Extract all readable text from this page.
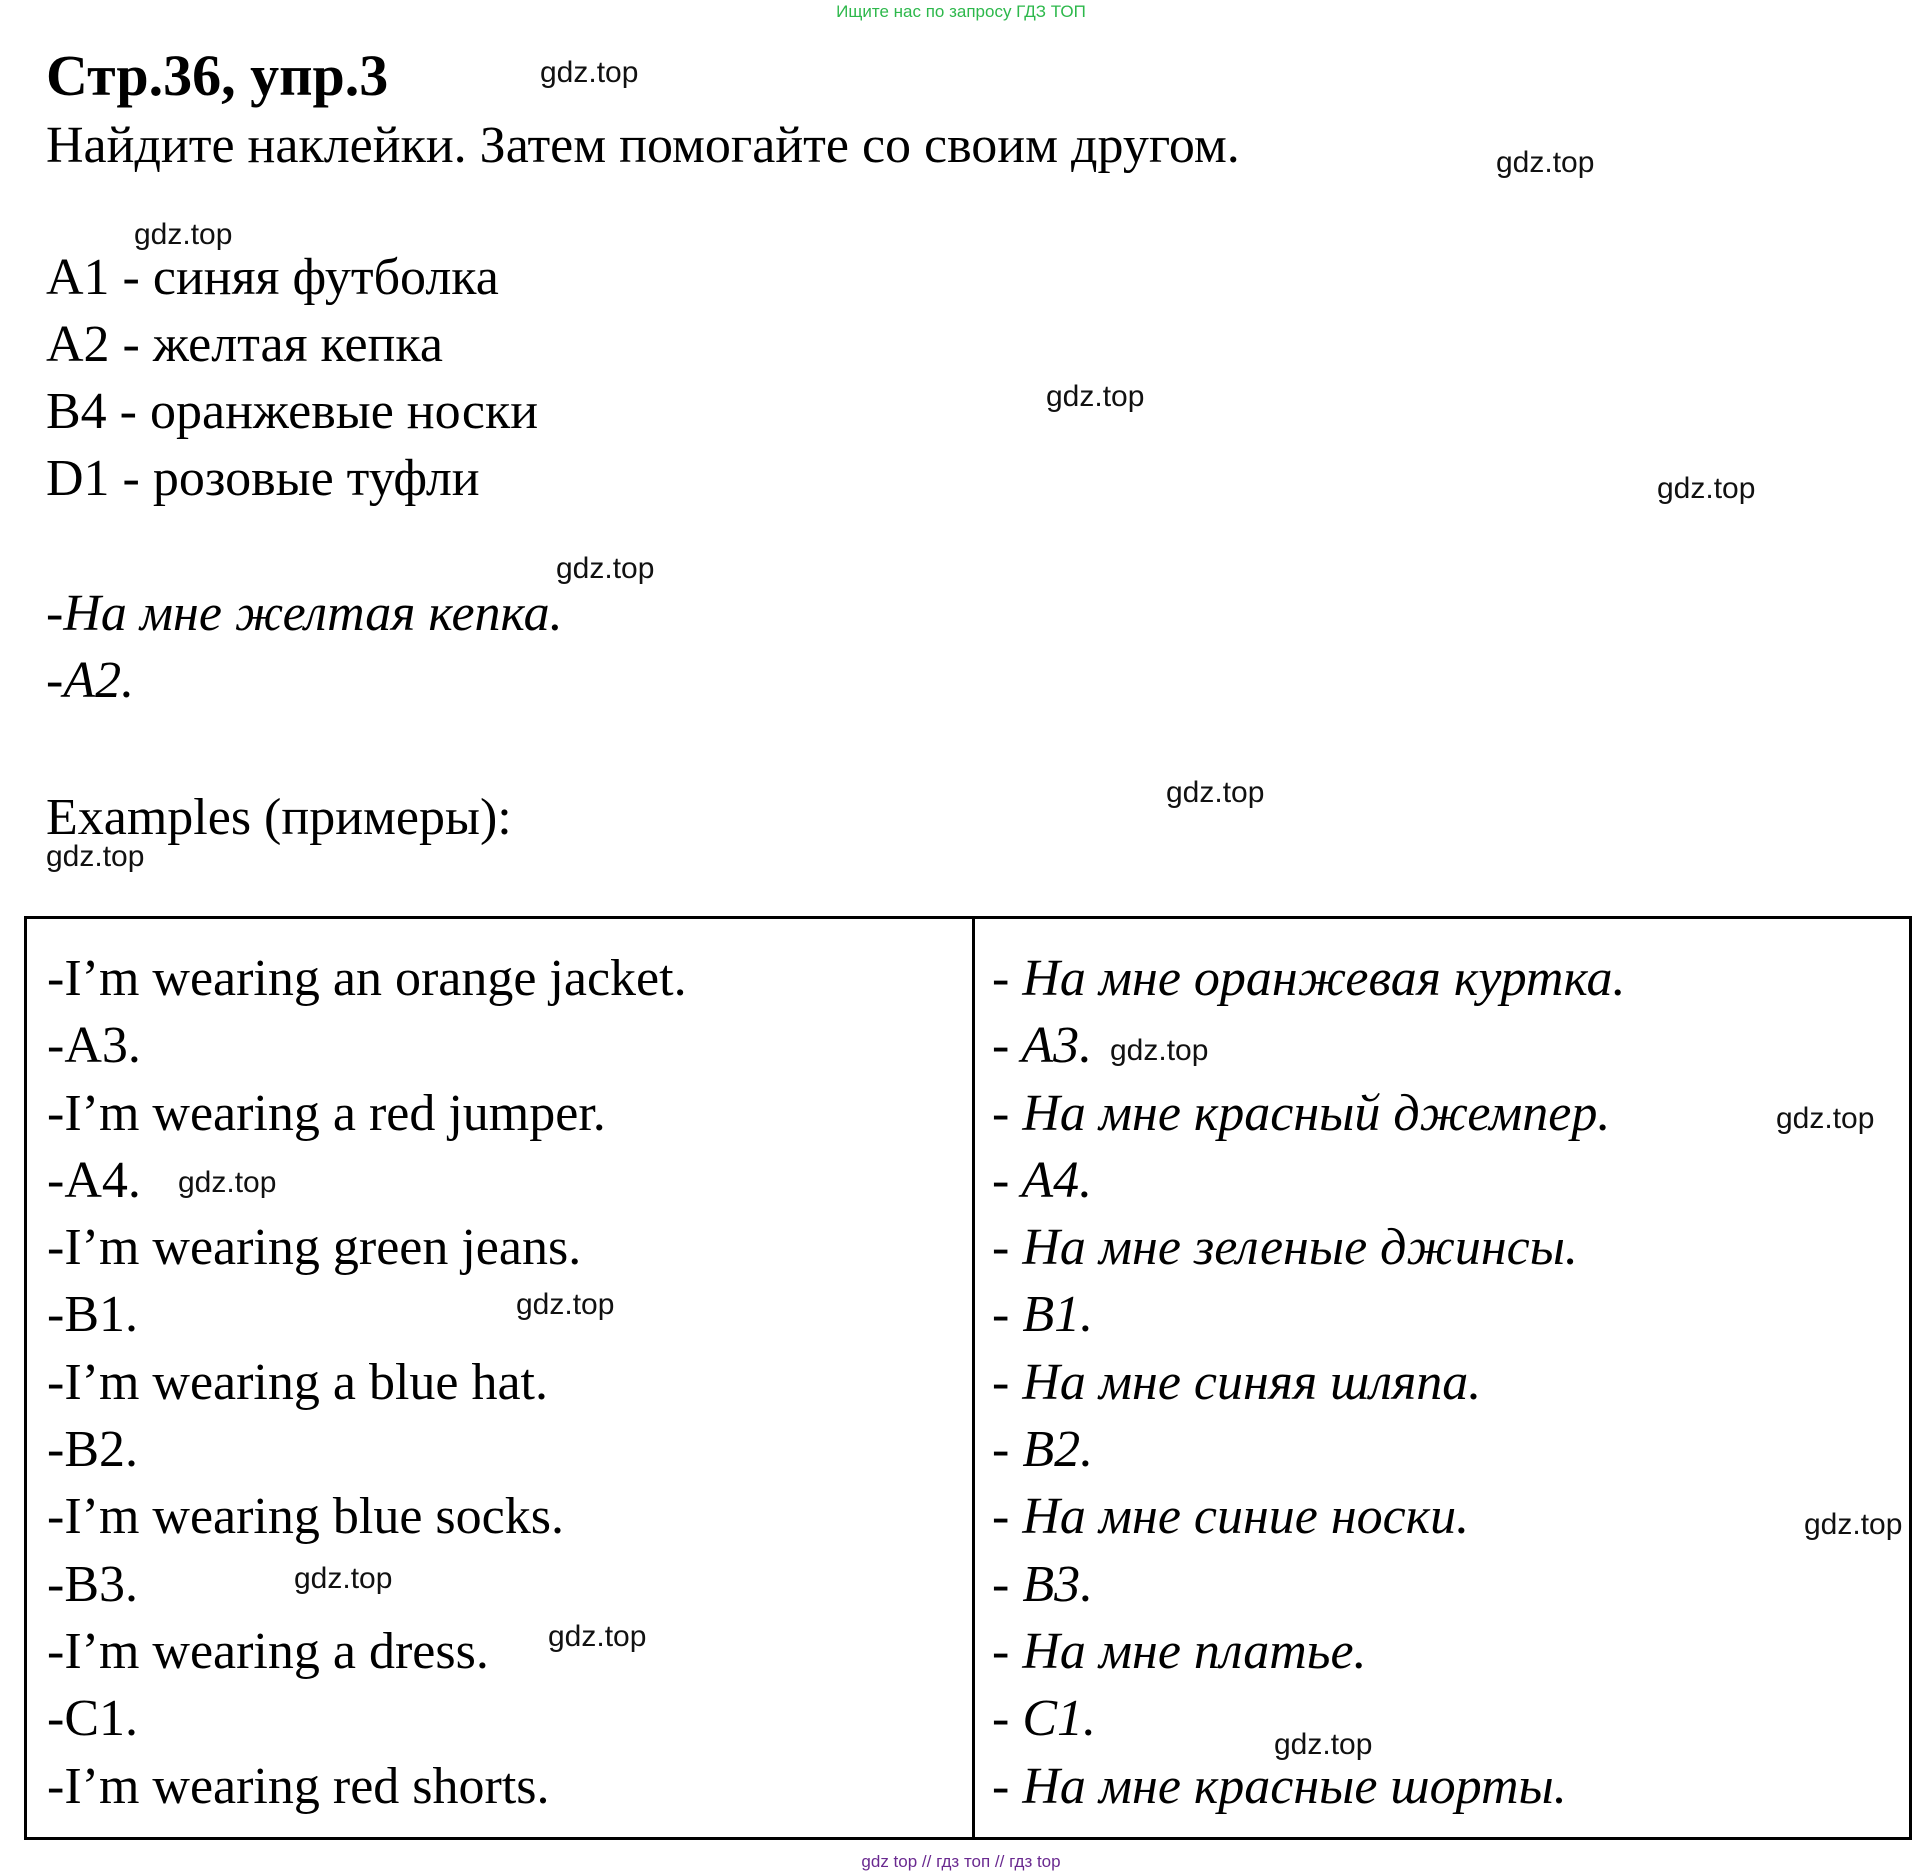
Ищите нас по запросу ГДЗ ТОП
Стр.36, упр.3
Найдите наклейки. Затем помогайте со своим другом.
A1 - синяя футболка
A2 - желтая кепка
B4 - оранжевые носки
D1 - розовые туфли
-На мне желтая кепка.
-A2.
Examples (примеры):
-I’m wearing an orange jacket.
-A3.
-I’m wearing a red jumper.
-A4.
-I’m wearing green jeans.
-B1.
-I’m wearing a blue hat.
-B2.
-I’m wearing blue socks.
-B3.
-I’m wearing a dress.
-C1.
-I’m wearing red shorts.
- На мне оранжевая куртка.
- A3.
- На мне красный джемпер.
- A4.
- На мне зеленые джинсы.
- B1.
- На мне синяя шляпа.
- B2.
- На мне синие носки.
- B3.
- На мне платье.
- C1.
- На мне красные шорты.
gdz.top
gdz.top
gdz.top
gdz.top
gdz.top
gdz.top
gdz.top
gdz.top
gdz.top
gdz.top
gdz.top
gdz.top
gdz.top
gdz.top
gdz.top
gdz.top
gdz top // гдз топ // гдз top
